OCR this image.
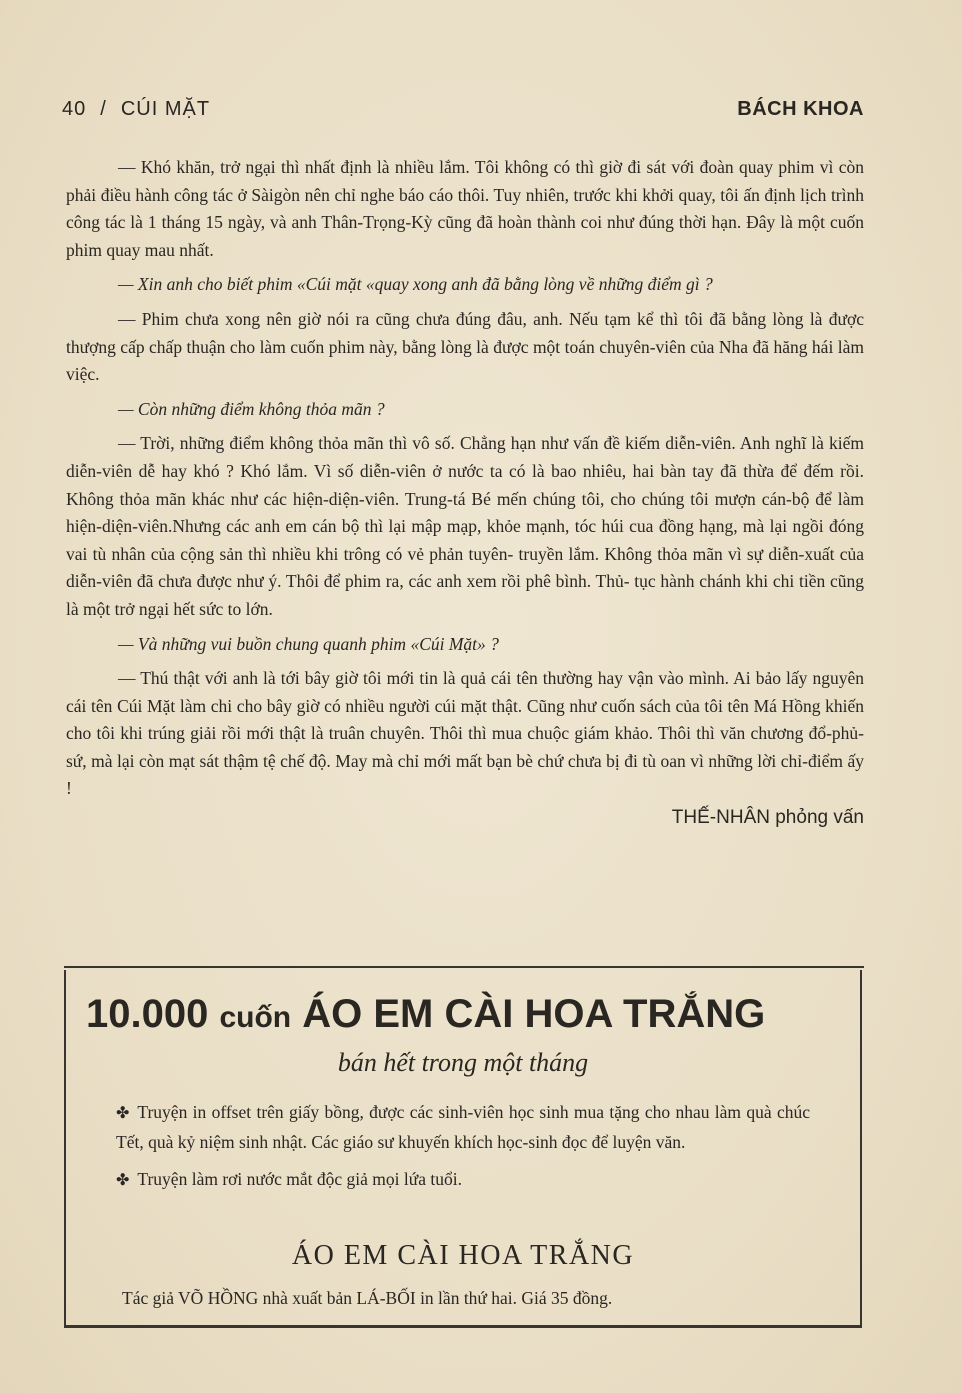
40 / CÚI MẶT	BÁCH KHOA

— Khó khăn, trở ngại thì nhất định là nhiều lắm. Tôi không có thì giờ đi sát với đoàn quay phim vì còn phải điều hành công tác ở Sàigòn nên chỉ nghe báo cáo thôi. Tuy nhiên, trước khi khởi quay, tôi ấn định lịch trình công tác là 1 tháng 15 ngày, và anh Thân-Trọng-Kỳ cũng đã hoàn thành coi như đúng thời hạn. Đây là một cuốn phim quay mau nhất.

— Xin anh cho biết phim «Cúi mặt «quay xong anh đã bằng lòng về những điểm gì ?

— Phim chưa xong nên giờ nói ra cũng chưa đúng đâu, anh. Nếu tạm kể thì tôi đã bằng lòng là được thượng cấp chấp thuận cho làm cuốn phim này, bằng lòng là được một toán chuyên-viên của Nha đã hăng hái làm việc.

— Còn những điểm không thỏa mãn ?

— Trời, những điểm không thỏa mãn thì vô số. Chẳng hạn như vấn đề kiếm diễn-viên. Anh nghĩ là kiếm diễn-viên dễ hay khó ? Khó lắm. Vì số diễn-viên ở nước ta có là bao nhiêu, hai bàn tay đã thừa để đếm rồi. Không thỏa mãn khác như các hiện-diện-viên. Trung-tá Bé mến chúng tôi, cho chúng tôi mượn cán-bộ để làm hiện-diện-viên.Nhưng các anh em cán bộ thì lại mập mạp, khỏe mạnh, tóc húi cua đồng hạng, mà lại ngồi đóng vai tù nhân của cộng sản thì nhiều khi trông có vẻ phản tuyên- truyền lắm. Không thỏa mãn vì sự diễn-xuất của diễn-viên đã chưa được như ý. Thôi để phim ra, các anh xem rồi phê bình. Thủ- tục hành chánh khi chi tiền cũng là một trở ngại hết sức to lớn.

— Và những vui buồn chung quanh phim «Cúi Mặt» ?

— Thú thật với anh là tới bây giờ tôi mới tin là quả cái tên thường hay vận vào mình. Ai bảo lấy nguyên cái tên Cúi Mặt làm chi cho bây giờ có nhiều người cúi mặt thật. Cũng như cuốn sách của tôi tên Má Hồng khiến cho tôi khi trúng giải rồi mới thật là truân chuyên. Thôi thì mua chuộc giám khảo. Thôi thì văn chương đổ-phủ-sứ, mà lại còn mạt sát thậm tệ chế độ. May mà chỉ mới mất bạn bè chứ chưa bị đi tù oan vì những lời chỉ-điểm ấy !

THẾ-NHÂN phỏng vấn
10.000 cuốn ÁO EM CÀI HOA TRẮNG
bán hết trong một tháng

✤ Truyện in offset trên giấy bồng, được các sinh-viên học sinh mua tặng cho nhau làm quà chúc Tết, quà kỷ niệm sinh nhật. Các giáo sư khuyến khích học-sinh đọc để luyện văn.

✤ Truyện làm rơi nước mắt độc giả mọi lứa tuổi.

ÁO EM CÀI HOA TRẮNG
Tác giả VÕ HỒNG nhà xuất bản LÁ-BỐI in lần thứ hai. Giá 35 đồng.
